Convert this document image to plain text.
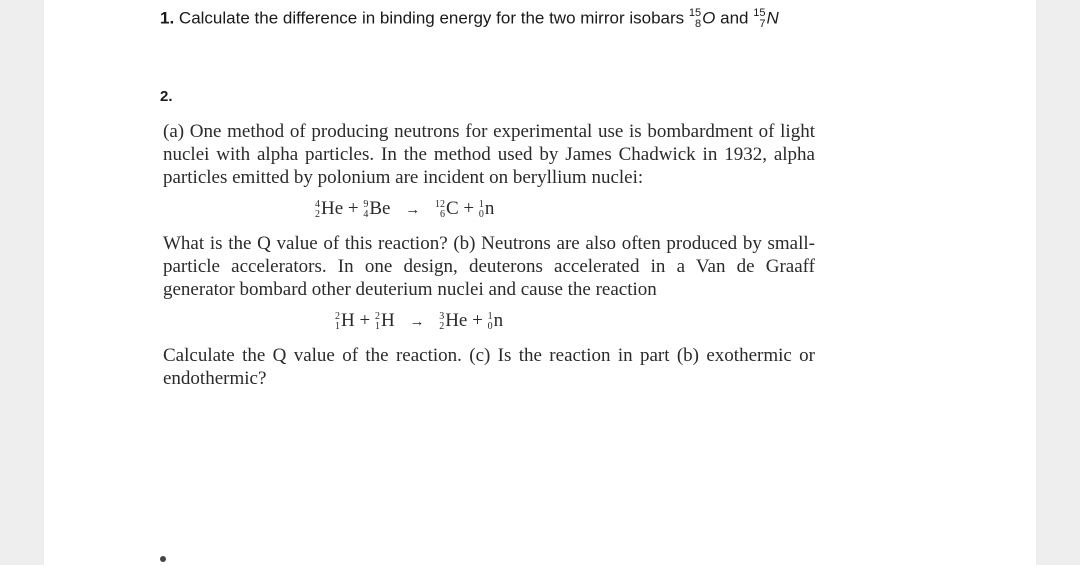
1. Calculate the difference in binding energy for the two mirror isobars 15
8 O and 15
7 N
2.
(a) One method of producing neutrons for experimental use is bombardment of light nuclei with alpha particles. In the method used by James Chadwick in 1932, alpha particles emitted by polonium are incident on beryllium nuclei:
4
2 He + 9
4 Be → 12
6 C + 1
0 n
What is the Q value of this reaction? (b) Neutrons are also often produced by small-particle accelerators. In one design, deuterons accelerated in a Van de Graaff generator bombard other deuterium nuclei and cause the reaction
2
1 H + 2
1 H → 3
2 He + 1
0 n
Calculate the Q value of the reaction. (c) Is the reaction in part (b) exothermic or endothermic?
